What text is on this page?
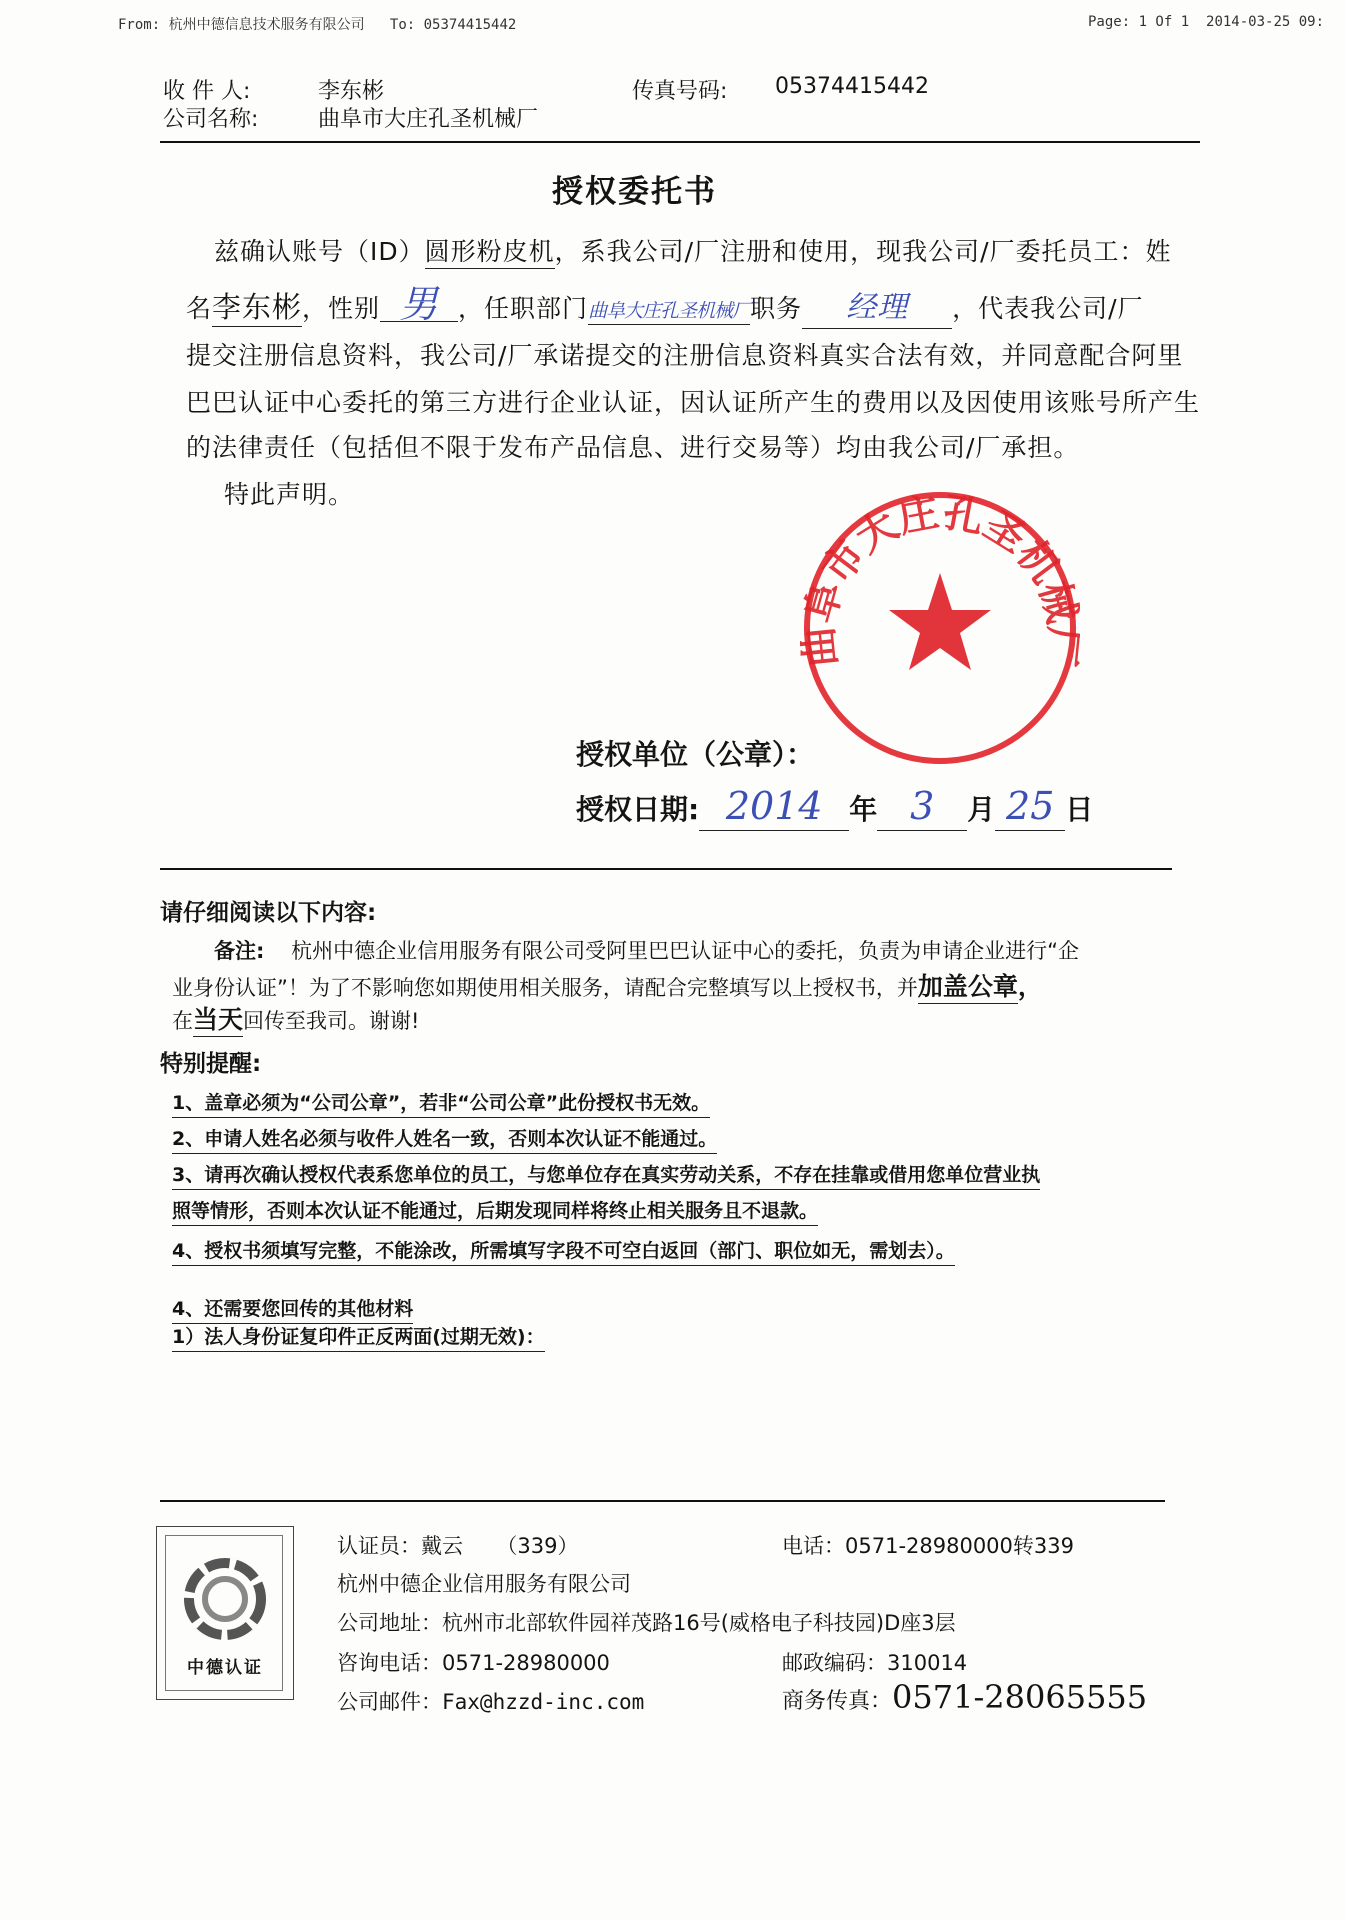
From: 杭州中德信息技术服务有限公司 To: 05374415442	Page: 1 Of 1 2014-03-25 09:
收 件 人:	李东彬	传真号码: 05374415442
公司名称:	曲阜市大庄孔圣机械厂
授权委托书
兹确认账号（ID）圆形粉皮机，系我公司/厂注册和使用，现我公司/厂委托员工：姓
名李东彬，性别 男 ，任职部门曲阜大庄孔圣机械厂职务 经理 ，代表我公司/厂
提交注册信息资料，我公司/厂承诺提交的注册信息资料真实合法有效，并同意配合阿里
巴巴认证中心委托的第三方进行企业认证，因认证所产生的费用以及因使用该账号所产生
的法律责任（包括但不限于发布产品信息、进行交易等）均由我公司/厂承担。
特此声明。
曲阜市大庄孔圣机械
授权单位（公章）：
授权日期: 2014 年 3 月 25 日
请仔细阅读以下内容:
备注: 杭州中德企业信用服务有限公司受阿里巴巴认证中心的委托，负责为申请企业进行“企
业身份认证”！为了不影响您如期使用相关服务，请配合完整填写以上授权书，并加盖公章，
在当天回传至我司。谢谢!
特别提醒:
1、盖章必须为“公司公章”，若非“公司公章”此份授权书无效。
2、申请人姓名必须与收件人姓名一致，否则本次认证不能通过。
3、请再次确认授权代表系您单位的员工，与您单位存在真实劳动关系，不存在挂靠或借用您单位营业执
照等情形，否则本次认证不能通过，后期发现同样将终止相关服务且不退款。
4、授权书须填写完整，不能涂改，所需填写字段不可空白返回（部门、职位如无，需划去）。
4、还需要您回传的其他材料
1）法人身份证复印件正反两面(过期无效)：
中德认证
认证员：戴云 （339）	电话：0571-28980000转339
杭州中德企业信用服务有限公司
公司地址：杭州市北部软件园祥茂路16号(威格电子科技园)D座3层
咨询电话：0571-28980000	邮政编码：310014
公司邮件：Fax@hzzd-inc.com	商务传真：0571-28065555
